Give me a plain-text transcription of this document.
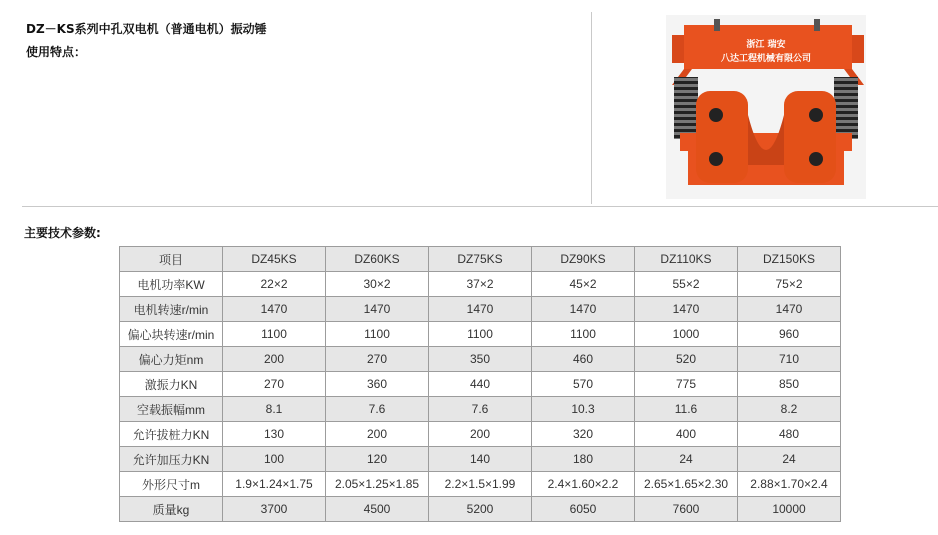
DZ－KS系列中孔双电机（普通电机）振动锤
使用特点：	浙江 瑞安
八达工程机械有限公司
主要技术参数:
项目	DZ45KS	DZ60KS	DZ75KS	DZ90KS	DZ110KS	DZ150KS
电机功率KW	22×2	30×2	37×2	45×2	55×2	75×2
电机转速r/min	1470	1470	1470	1470	1470	1470
偏心块转速r/min	1100	1100	1100	1100	1000	960
偏心力矩nm	200	270	350	460	520	710
激振力KN	270	360	440	570	775	850
空载振幅mm	8.1	7.6	7.6	10.3	11.6	8.2
允许拔桩力KN	130	200	200	320	400	480
允许加压力KN	100	120	140	180	24	24
外形尺寸m	1.9×1.24×1.75	2.05×1.25×1.85	2.2×1.5×1.99	2.4×1.60×2.2	2.65×1.65×2.30	2.88×1.70×2.4
质量kg	3700	4500	5200	6050	7600	10000
